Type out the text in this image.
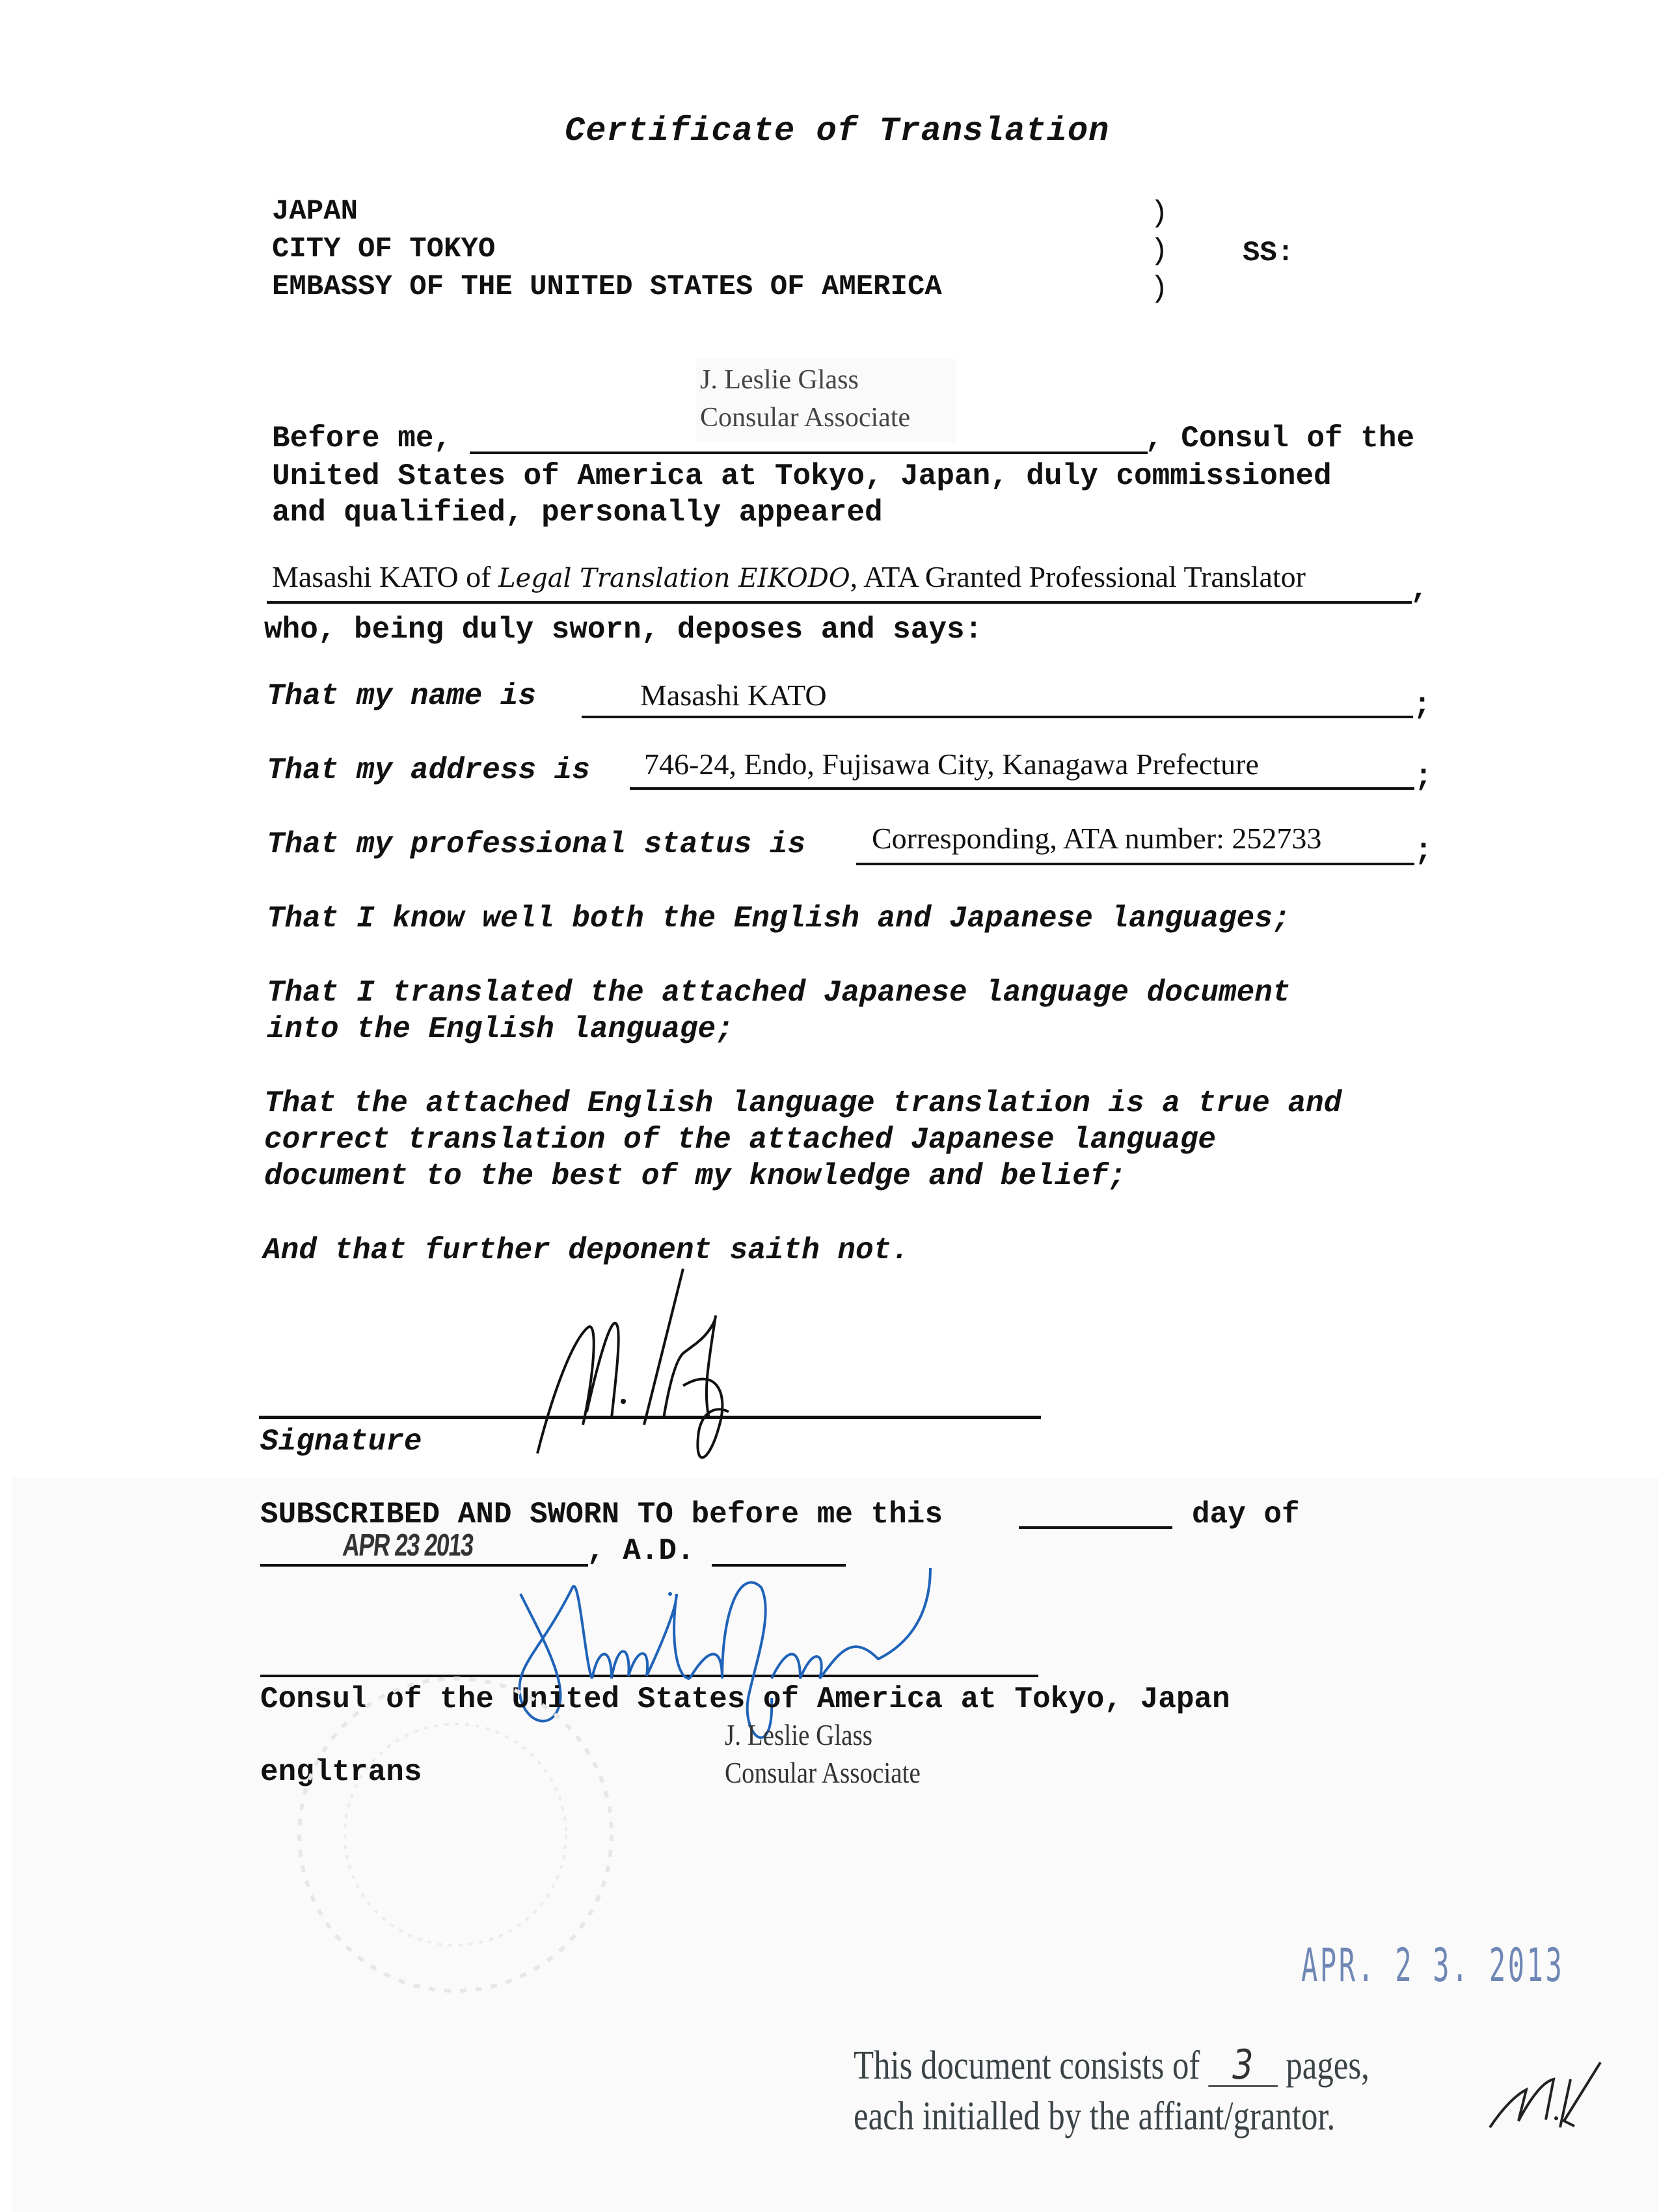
Certificate of Translation
JAPAN
CITY OF TOKYO
EMBASSY OF THE UNITED STATES OF AMERICA
)
)
)
SS:
J. Leslie Glass
Consular Associate
Before me,	, Consul of the
United States of America at Tokyo, Japan, duly commissioned
and qualified, personally appeared
Masashi KATO of Legal Translation EIKODO, ATA Granted Professional Translator	,
who, being duly sworn, deposes and says:
That my name is	Masashi KATO	;
That my address is 746-24, Endo, Fujisawa City, Kanagawa Prefecture	;
That my professional status is Corresponding, ATA number: 252733	;
That I know well both the English and Japanese languages;
That I translated the attached Japanese language document
into the English language;
That the attached English language translation is a true and
correct translation of the attached Japanese language
document to the best of my knowledge and belief;
And that further deponent saith not.
Signature
SUBSCRIBED AND SWORN TO before me this	day of
APR 23 2013	, A.D.
Consul of the United States of America at Tokyo, Japan
J. Leslie Glass
Consular Associate
engltrans
APR. 2 3. 2013
This document consists of 3 pages,
each initialled by the affiant/grantor.
